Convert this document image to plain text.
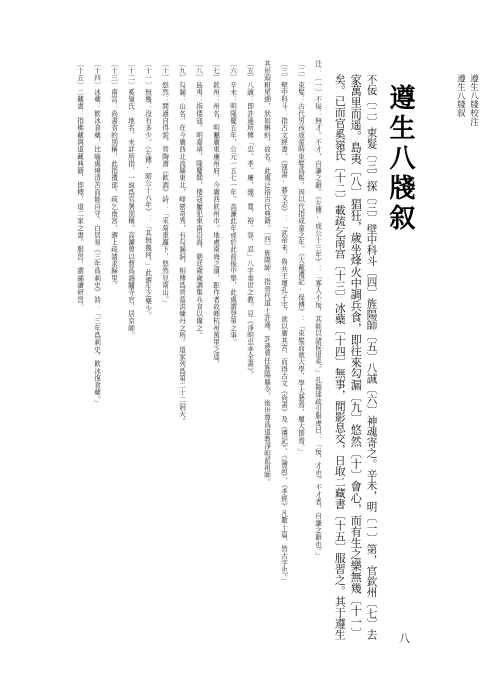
遵生八牋校注
遵生八牋叙
遵生八牋叙
不佞〔二〕束髮〔三〕探〔三〕壁中科斗〔四〕旌陽師〔五〕八誠〔六〕神魂寄之。辛未，明〔一〕第，官欽州〔七〕去
家萬里而遥。島夷〔八〕猖狂，歲坐烽火中調兵食，即往來勾漏〔九〕悠然〔十〕會心，而有生之樂無幾〔十一〕
矣。已而官奚嶺氏〔十二〕載疏乞南宫〔十三〕冰蘗〔十四〕無事，閒影息交，日取二藏書〔十五〕服習之。其于遵生
注：〔一〕不佞：無才。不才，自謙之辭。《左傳·成公十三年》：「寡人不佞，其能以諸侯退矣。」孔穎達疏引服虔曰：「佞，才也。不才者，自謙之辭也。」
〔二〕束髮：古代男孩成童時束髮爲髻，因以代指成童之年。《大戴禮記·保傅》：「束髮而就大學，學大藝焉，履大節焉。」
〔三〕壁中科斗：指古文經書。《漢書·藝文志》：「武帝末，魯共王壞孔子宅，欲以廣其宮，而得古文《尚書》及《禮記》、《論語》、《孝經》凡數十篇，皆古字也。」
其形頭粗尾細，狀如蝌蚪，故名。此處泛指古代典籍。〔四〕旌陽師：指晉代道士許遜。許遜曾任旌陽縣令，後世尊爲道教淨明派祖師。
〔五〕八誠：即許遜所傳「忠、孝、廉、謹、寬、裕、容、忍」八字垂世之教。見《淨明忠孝全書》。
〔六〕辛未：明隆慶五年，公元一五七一年。高濂此年或於此前後中舉，此處謂登第之事。
〔七〕欽州：州名，明屬廣東廉州府，今廣西欽州市。地處南海之濱，距作者故鄉杭州萬里之遥。
〔八〕島夷：指倭寇。明嘉靖、隆慶間，倭寇屢犯東南沿海，朝廷歲歲調集兵食以備之。
〔九〕勾漏：山名，在今廣西北流縣東北，峰巒奇秀，有勾漏洞，相傳爲晉葛洪煉丹之所。道家列爲第二十二洞天。
〔十〕悠然：閒適自得貌。晉陶潛《飲酒》詩：「采菊東籬下，悠然見南山。」
〔十一〕無幾：没有多少。《左傳·昭公十六年》：「其無幾何。」此謂生之樂少。
〔十二〕奚嶺氏：地名，未詳所指，一説爲官署别稱。高濂曾以貲爲鴻臚寺官，居京師。
〔十三〕南宫：尚書省的别稱，此指禮部。疏乞南宫，謂上疏請求歸里。
〔十四〕冰蘗：飲冰食蘗，比喻處境清苦而能自守。白居易《三年爲刺史》詩：「三年爲刺史，飲冰復食蘗。」
〔十五〕二藏書：指佛藏與道藏典籍，即釋、道二家之書。服習，謂誦讀研習。
八
